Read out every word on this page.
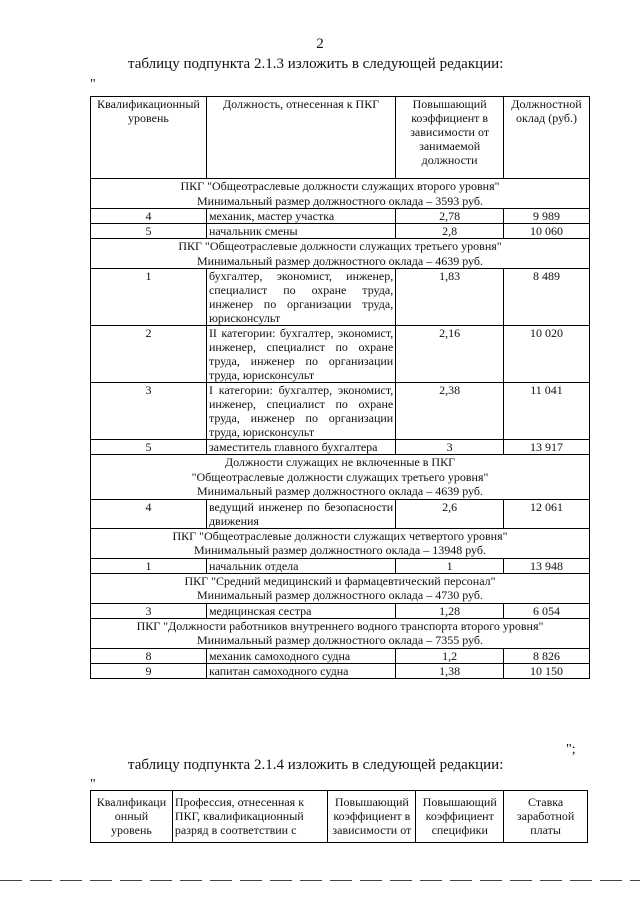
2
таблицу подпункта 2.1.3 изложить в следующей редакции:
"
Квалификационный уровень	Должность, отнесенная к ПКГ	Повышающий коэффициент в зависимости от занимаемой должности	Должностной оклад (руб.)

ПКГ "Общеотраслевые должности служащих второго уровня"
Минимальный размер должностного оклада – 3593 руб.			

4	механик, мастер участка	2,78	9 989
5	начальник смены	2,8	10 060

ПКГ "Общеотраслевые должности служащих третьего уровня"
Минимальный размер должностного оклада – 4639 руб.			

1	бухгалтер, экономист, инженер, специалист по охране труда, инженер по организации труда, юрисконсульт	1,83	8 489
2	II категории: бухгалтер, экономист, инженер, специалист по охране труда, инженер по организации труда, юрисконсульт	2,16	10 020
3	I категории: бухгалтер, экономист, инженер, специалист по охране труда, инженер по организации труда, юрисконсульт	2,38	11 041
5	заместитель главного бухгалтера	3	13 917

Должности служащих не включенные в ПКГ
"Общеотраслевые должности служащих третьего уровня"
Минимальный размер должностного оклада – 4639 руб.			

4	ведущий инженер по безопасности движения	2,6	12 061

ПКГ "Общеотраслевые должности служащих четвертого уровня"
Минимальный размер должностного оклада – 13948 руб.			

1	начальник отдела	1	13 948

ПКГ "Средний медицинский и фармацевтический персонал"
Минимальный размер должностного оклада – 4730 руб.			

3	медицинская сестра	1,28	6 054

ПКГ "Должности работников внутреннего водного транспорта второго уровня"
Минимальный размер должностного оклада – 7355 руб.			

8	механик самоходного судна	1,2	8 826
9	капитан самоходного судна	1,38	10 150
";
таблицу подпункта 2.1.4 изложить в следующей редакции:
"
Квалификаци онный уровень	Профессия, отнесенная к ПКГ, квалификационный разряд в соответствии с	Повышающий коэффициент в зависимости от	Повышающий коэффициент специфики	Ставка заработной платы
